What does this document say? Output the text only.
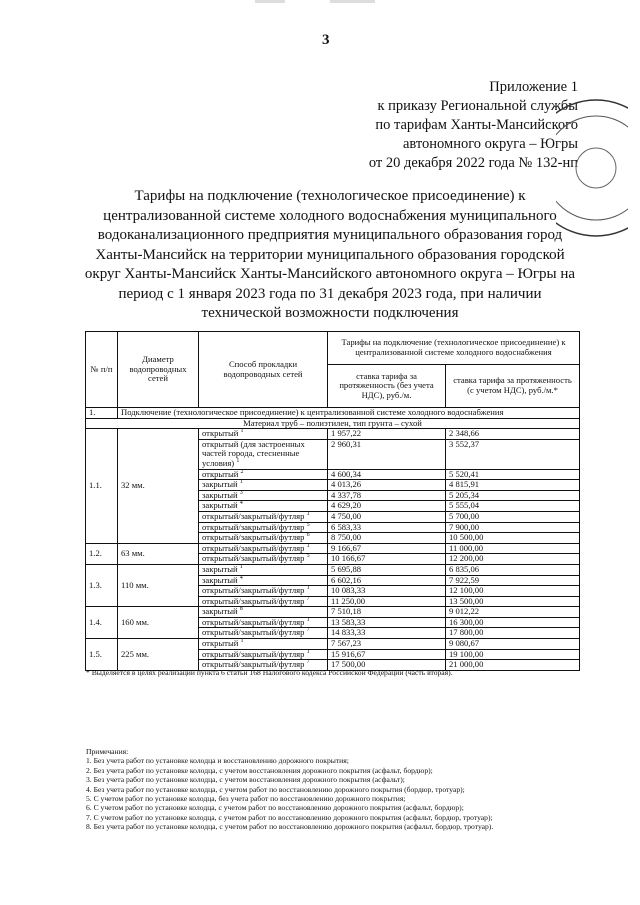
3
Приложение 1
к приказу Региональной службы
по тарифам Ханты-Мансийского
автономного округа – Югры
от 20 декабря 2022 года № 132-нп
Тарифы на подключение (технологическое присоединение) к централизованной системе холодного водоснабжения муниципального водоканализационного предприятия муниципального образования город Ханты-Мансийск на территории муниципального образования городской округ Ханты-Мансийск Ханты-Мансийского автономного округа – Югры на период с 1 января 2023 года по 31 декабря 2023 года, при наличии технической возможности подключения
№ п/п	Диаметр водопроводных сетей	Способ прокладки водопроводных сетей	Тарифы на подключение (технологическое присоединение) к централизованной системе холодного водоснабжения	
			ставка тарифа за протяженность (без учета НДС), руб./м.	ставка тарифа за протяженность (с учетом НДС), руб./м.*
1.	Подключение (технологическое присоединение) к централизованной системе холодного водоснабжения			
Материал труб – полиэтилен, тип грунта – сухой				
1.1.	32 мм.	открытый $^1$	1 957,22	2 348,66
		открытый (для застроенных частей города, стесненные условия) $^1$	2 960,31	3 552,37
		открытый $^2$	4 600,34	5 520,41
		закрытый $^1$	4 013,26	4 815,91
		закрытый $^3$	4 337,78	5 205,34
		закрытый $^4$	4 629,20	5 555,04
		открытый/закрытый/футляр $^1$	4 750,00	5 700,00
		открытый/закрытый/футляр $^5$	6 583,33	7 900,00
		открытый/закрытый/футляр $^6$	8 750,00	10 500,00
1.2.	63 мм.	открытый/закрытый/футляр $^1$	9 166,67	11 000,00
		открытый/закрытый/футляр $^5$	10 166,67	12 200,00
1.3.	110 мм.	закрытый $^1$	5 695,88	6 835,06
		закрытый $^4$	6 602,16	7 922,59
		открытый/закрытый/футляр $^1$	10 083,33	12 100,00
		открытый/закрытый/футляр $^7$	11 250,00	13 500,00
1.4.	160 мм.	закрытый $^8$	7 510,18	9 012,22
		открытый/закрытый/футляр $^1$	13 583,33	16 300,00
		открытый/закрытый/футляр $^7$	14 833,33	17 800,00
1.5.	225 мм.	открытый $^1$	7 567,23	9 080,67
		открытый/закрытый/футляр $^1$	15 916,67	19 100,00
		открытый/закрытый/футляр $^7$	17 500,00	21 000,00
* Выделяется в целях реализации пункта 6 статьи 168 Налогового кодекса Российской Федерации (часть вторая).
Примечания:
1. Без учета работ по установке колодца и восстановлению дорожного покрытия;
2. Без учета работ по установке колодца, с учетом восстановления дорожного покрытия (асфальт, бордюр);
3. Без учета работ по установке колодца, с учетом восстановления дорожного покрытия (асфальт);
4. Без учета работ по установке колодца, с учетом работ по восстановлению дорожного покрытия (бордюр, тротуар);
5. С учетом работ по установке колодца, без учета работ по восстановлению дорожного покрытия;
6. С учетом работ по установке колодца, с учетом работ по восстановлению дорожного покрытия (асфальт, бордюр);
7. С учетом работ по установке колодца, с учетом работ по восстановлению дорожного покрытия (асфальт, бордюр, тротуар);
8. Без учета работ по установке колодца, с учетом работ по восстановлению дорожного покрытия (асфальт, бордюр, тротуар).
